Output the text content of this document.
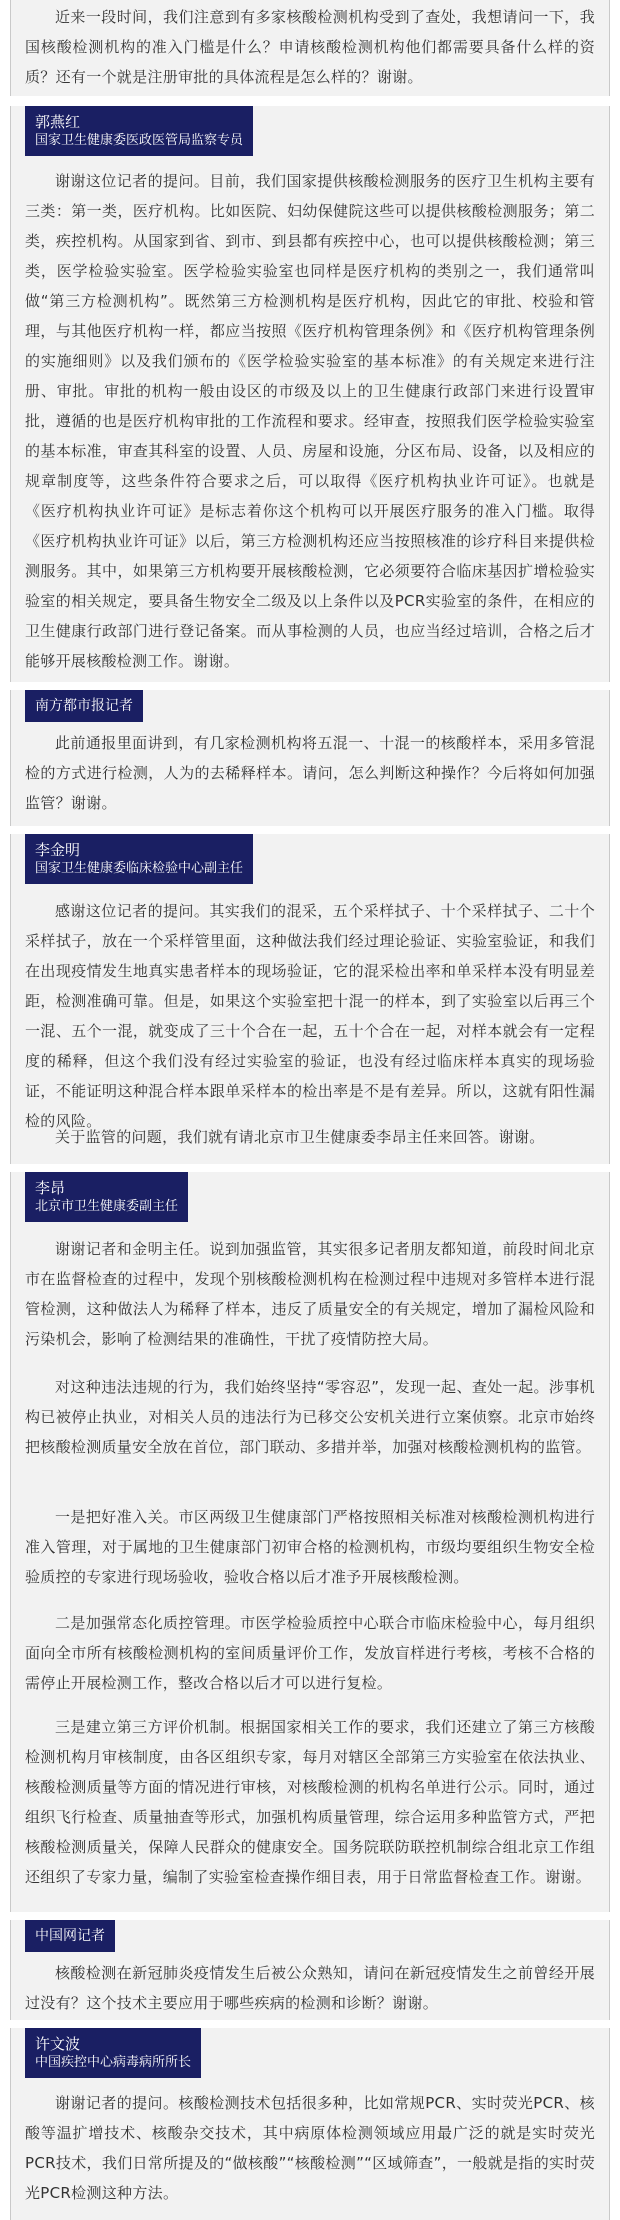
近来一段时间，我们注意到有多家核酸检测机构受到了查处，我想请问一下，我国核酸检测机构的准入门槛是什么？申请核酸检测机构他们都需要具备什么样的资质？还有一个就是注册审批的具体流程是怎么样的？谢谢。

郭燕红
国家卫生健康委医政医管局监察专员

谢谢这位记者的提问。目前，我们国家提供核酸检测服务的医疗卫生机构主要有三类：第一类，医疗机构。比如医院、妇幼保健院这些可以提供核酸检测服务；第二类，疾控机构。从国家到省、到市、到县都有疾控中心，也可以提供核酸检测；第三类，医学检验实验室。医学检验实验室也同样是医疗机构的类别之一，我们通常叫做“第三方检测机构”。既然第三方检测机构是医疗机构，因此它的审批、校验和管理，与其他医疗机构一样，都应当按照《医疗机构管理条例》和《医疗机构管理条例的实施细则》以及我们颁布的《医学检验实验室的基本标准》的有关规定来进行注册、审批。审批的机构一般由设区的市级及以上的卫生健康行政部门来进行设置审批，遵循的也是医疗机构审批的工作流程和要求。经审查，按照我们医学检验实验室的基本标准，审查其科室的设置、人员、房屋和设施，分区布局、设备，以及相应的规章制度等，这些条件符合要求之后，可以取得《医疗机构执业许可证》。也就是《医疗机构执业许可证》是标志着你这个机构可以开展医疗服务的准入门槛。取得《医疗机构执业许可证》以后，第三方检测机构还应当按照核准的诊疗科目来提供检测服务。其中，如果第三方机构要开展核酸检测，它必须要符合临床基因扩增检验实验室的相关规定，要具备生物安全二级及以上条件以及PCR实验室的条件，在相应的卫生健康行政部门进行登记备案。而从事检测的人员，也应当经过培训，合格之后才能够开展核酸检测工作。谢谢。

南方都市报记者

此前通报里面讲到，有几家检测机构将五混一、十混一的核酸样本，采用多管混检的方式进行检测，人为的去稀释样本。请问，怎么判断这种操作？今后将如何加强监管？谢谢。

李金明
国家卫生健康委临床检验中心副主任

感谢这位记者的提问。其实我们的混采，五个采样拭子、十个采样拭子、二十个采样拭子，放在一个采样管里面，这种做法我们经过理论验证、实验室验证，和我们在出现疫情发生地真实患者样本的现场验证，它的混采检出率和单采样本没有明显差距，检测准确可靠。但是，如果这个实验室把十混一的样本，到了实验室以后再三个一混、五个一混，就变成了三十个合在一起，五十个合在一起，对样本就会有一定程度的稀释，但这个我们没有经过实验室的验证，也没有经过临床样本真实的现场验证，不能证明这种混合样本跟单采样本的检出率是不是有差异。所以，这就有阳性漏检的风险。

关于监管的问题，我们就有请北京市卫生健康委李昂主任来回答。谢谢。

李昂
北京市卫生健康委副主任

谢谢记者和金明主任。说到加强监管，其实很多记者朋友都知道，前段时间北京市在监督检查的过程中，发现个别核酸检测机构在检测过程中违规对多管样本进行混管检测，这种做法人为稀释了样本，违反了质量安全的有关规定，增加了漏检风险和污染机会，影响了检测结果的准确性，干扰了疫情防控大局。

对这种违法违规的行为，我们始终坚持“零容忍”，发现一起、查处一起。涉事机构已被停止执业，对相关人员的违法行为已移交公安机关进行立案侦察。北京市始终把核酸检测质量安全放在首位，部门联动、多措并举，加强对核酸检测机构的监管。

一是把好准入关。市区两级卫生健康部门严格按照相关标准对核酸检测机构进行准入管理，对于属地的卫生健康部门初审合格的检测机构，市级均要组织生物安全检验质控的专家进行现场验收，验收合格以后才准予开展核酸检测。

二是加强常态化质控管理。市医学检验质控中心联合市临床检验中心，每月组织面向全市所有核酸检测机构的室间质量评价工作，发放盲样进行考核，考核不合格的需停止开展检测工作，整改合格以后才可以进行复检。

三是建立第三方评价机制。根据国家相关工作的要求，我们还建立了第三方核酸检测机构月审核制度，由各区组织专家，每月对辖区全部第三方实验室在依法执业、核酸检测质量等方面的情况进行审核，对核酸检测的机构名单进行公示。同时，通过组织飞行检查、质量抽查等形式，加强机构质量管理，综合运用多种监管方式，严把核酸检测质量关，保障人民群众的健康安全。国务院联防联控机制综合组北京工作组还组织了专家力量，编制了实验室检查操作细目表，用于日常监督检查工作。谢谢。

中国网记者

核酸检测在新冠肺炎疫情发生后被公众熟知，请问在新冠疫情发生之前曾经开展过没有？这个技术主要应用于哪些疾病的检测和诊断？谢谢。

许文波
中国疾控中心病毒病所所长

谢谢记者的提问。核酸检测技术包括很多种，比如常规PCR、实时荧光PCR、核酸等温扩增技术、核酸杂交技术，其中病原体检测领域应用最广泛的就是实时荧光PCR技术，我们日常所提及的“做核酸”“核酸检测”“区域筛查”，一般就是指的实时荧光PCR检测这种方法。
